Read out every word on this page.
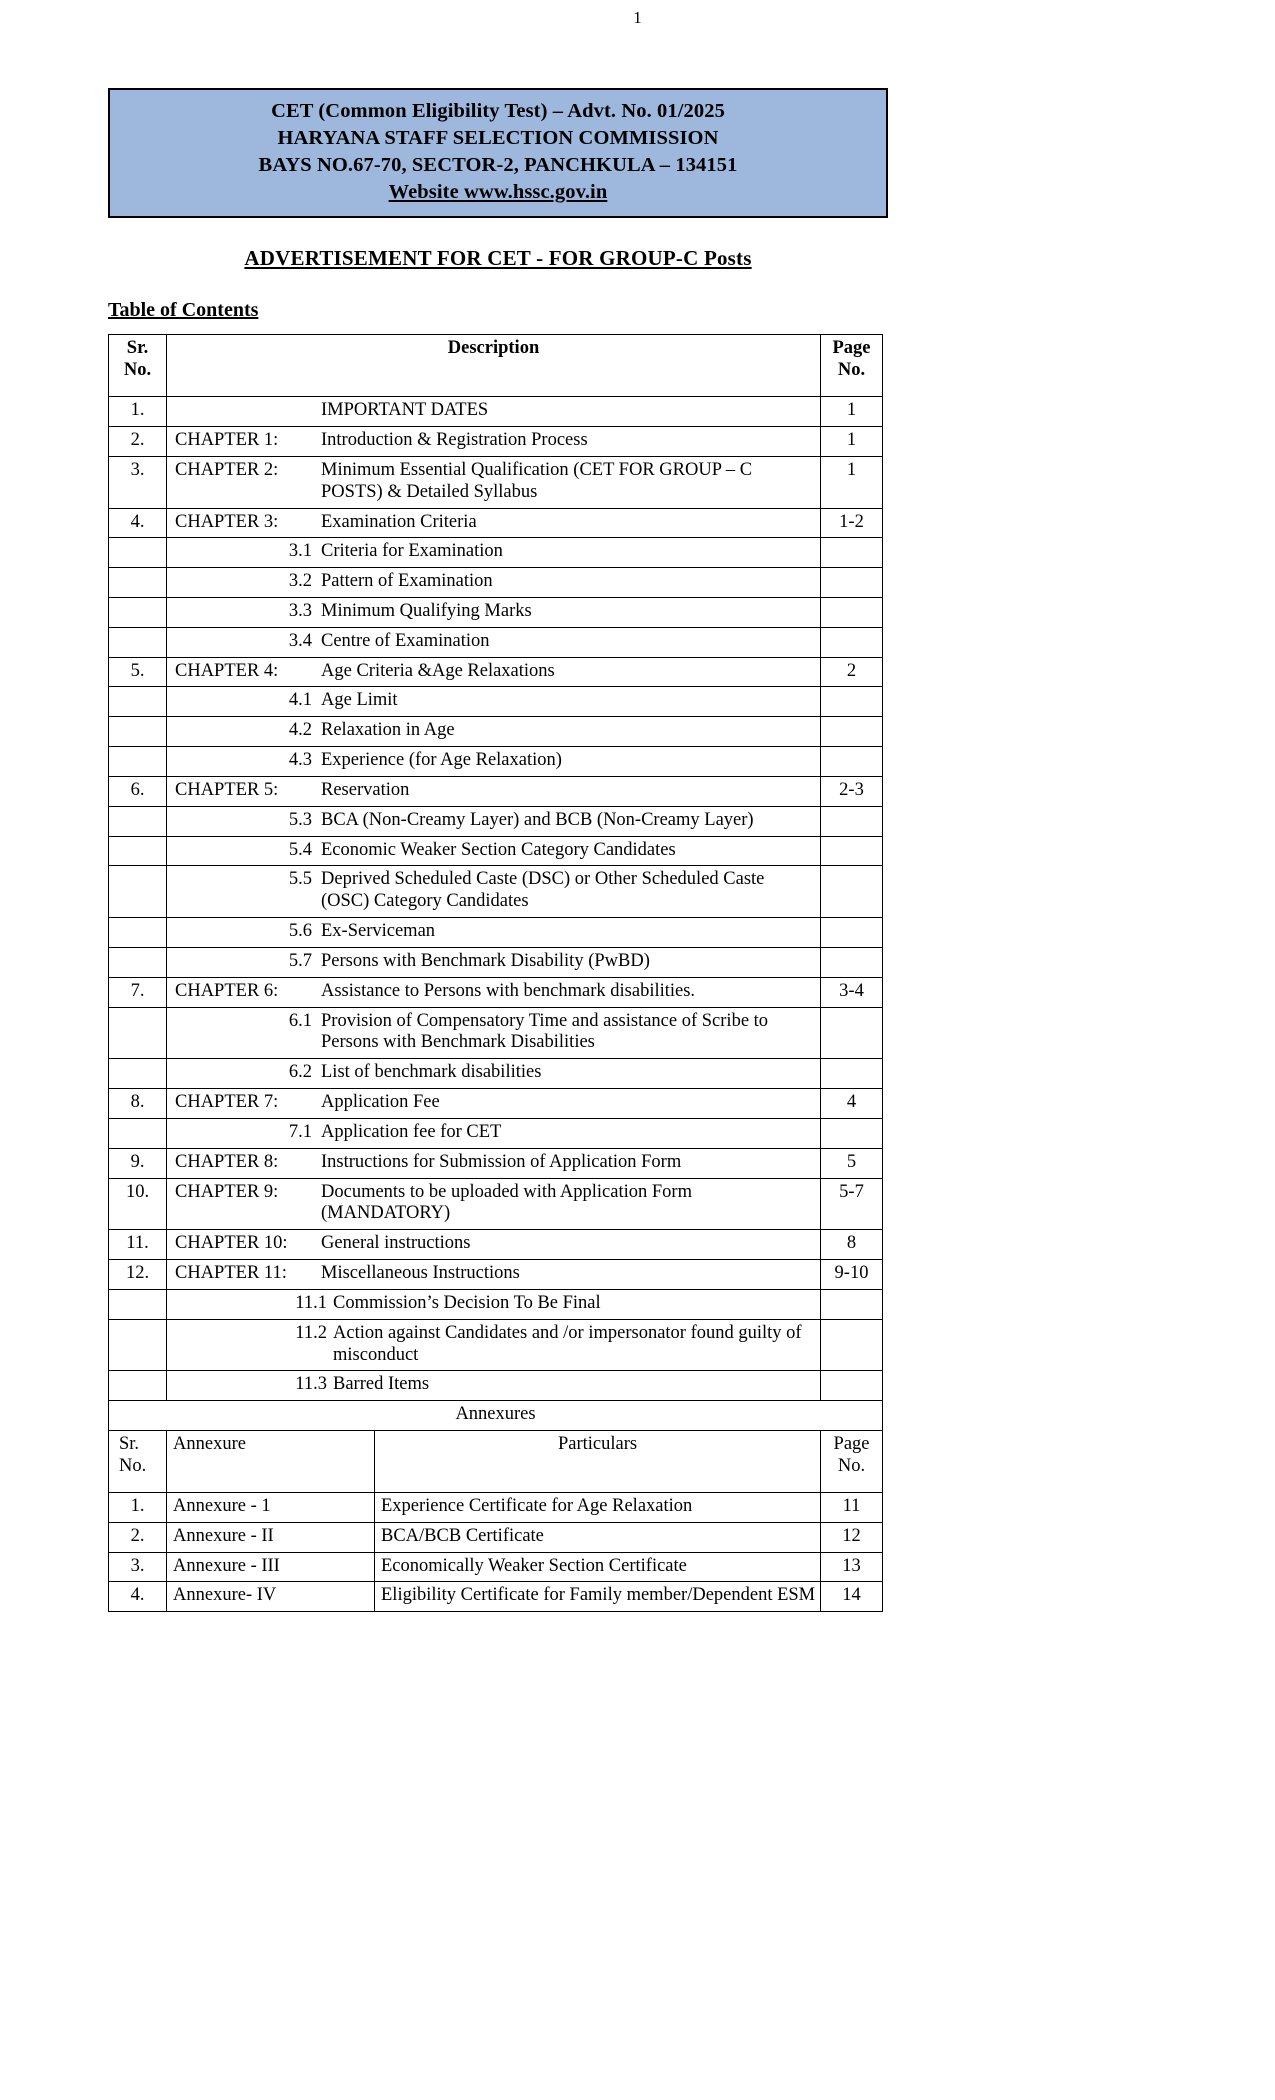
1
CET (Common Eligibility Test) – Advt. No. 01/2025
HARYANA STAFF SELECTION COMMISSION
BAYS NO.67-70, SECTOR-2, PANCHKULA – 134151
Website www.hssc.gov.in
ADVERTISEMENT FOR CET - FOR GROUP-C Posts
Table of Contents
Sr.
No.
	Description	Page
No.

1.	IMPORTANT DATES	1
2.	CHAPTER 1: Introduction & Registration Process	1
3.	CHAPTER 2: Minimum Essential Qualification (CET FOR GROUP – C POSTS) & Detailed Syllabus	1
4.	CHAPTER 3: Examination Criteria	1-2

	3.1 Criteria for Examination	

	3.2 Pattern of Examination	

	3.3 Minimum Qualifying Marks	

	3.4 Centre of Examination	

5.	CHAPTER 4: Age Criteria &Age Relaxations	2

	4.1 Age Limit	

	4.2 Relaxation in Age	

	4.3 Experience (for Age Relaxation)	

6.	CHAPTER 5: Reservation	2-3

	5.3 BCA (Non-Creamy Layer) and BCB (Non-Creamy Layer)	

	5.4 Economic Weaker Section Category Candidates	

	5.5 Deprived Scheduled Caste (DSC) or Other Scheduled Caste (OSC) Category Candidates	

	5.6 Ex-Serviceman	

	5.7 Persons with Benchmark Disability (PwBD)	

7.	CHAPTER 6: Assistance to Persons with benchmark disabilities.	3-4

	6.1 Provision of Compensatory Time and assistance of Scribe to Persons with Benchmark Disabilities	

	6.2 List of benchmark disabilities	

8.	CHAPTER 7: Application Fee	4

	7.1 Application fee for CET	

9.	CHAPTER 8: Instructions for Submission of Application Form	5
10.	CHAPTER 9: Documents to be uploaded with Application Form (MANDATORY)	5-7
11.	CHAPTER 10: General instructions	8
12.	CHAPTER 11: Miscellaneous Instructions	9-10

	11.1 Commission’s Decision To Be Final	

	11.2 Action against Candidates and /or impersonator found guilty of misconduct	

	11.3 Barred Items	

Annexures			

Sr.
No.
	Annexure	Particulars	Page
No.

1.	Annexure - 1	Experience Certificate for Age Relaxation	11
2.	Annexure - II	BCA/BCB Certificate	12
3.	Annexure - III	Economically Weaker Section Certificate	13
4.	Annexure- IV	Eligibility Certificate for Family member/Dependent ESM	14
